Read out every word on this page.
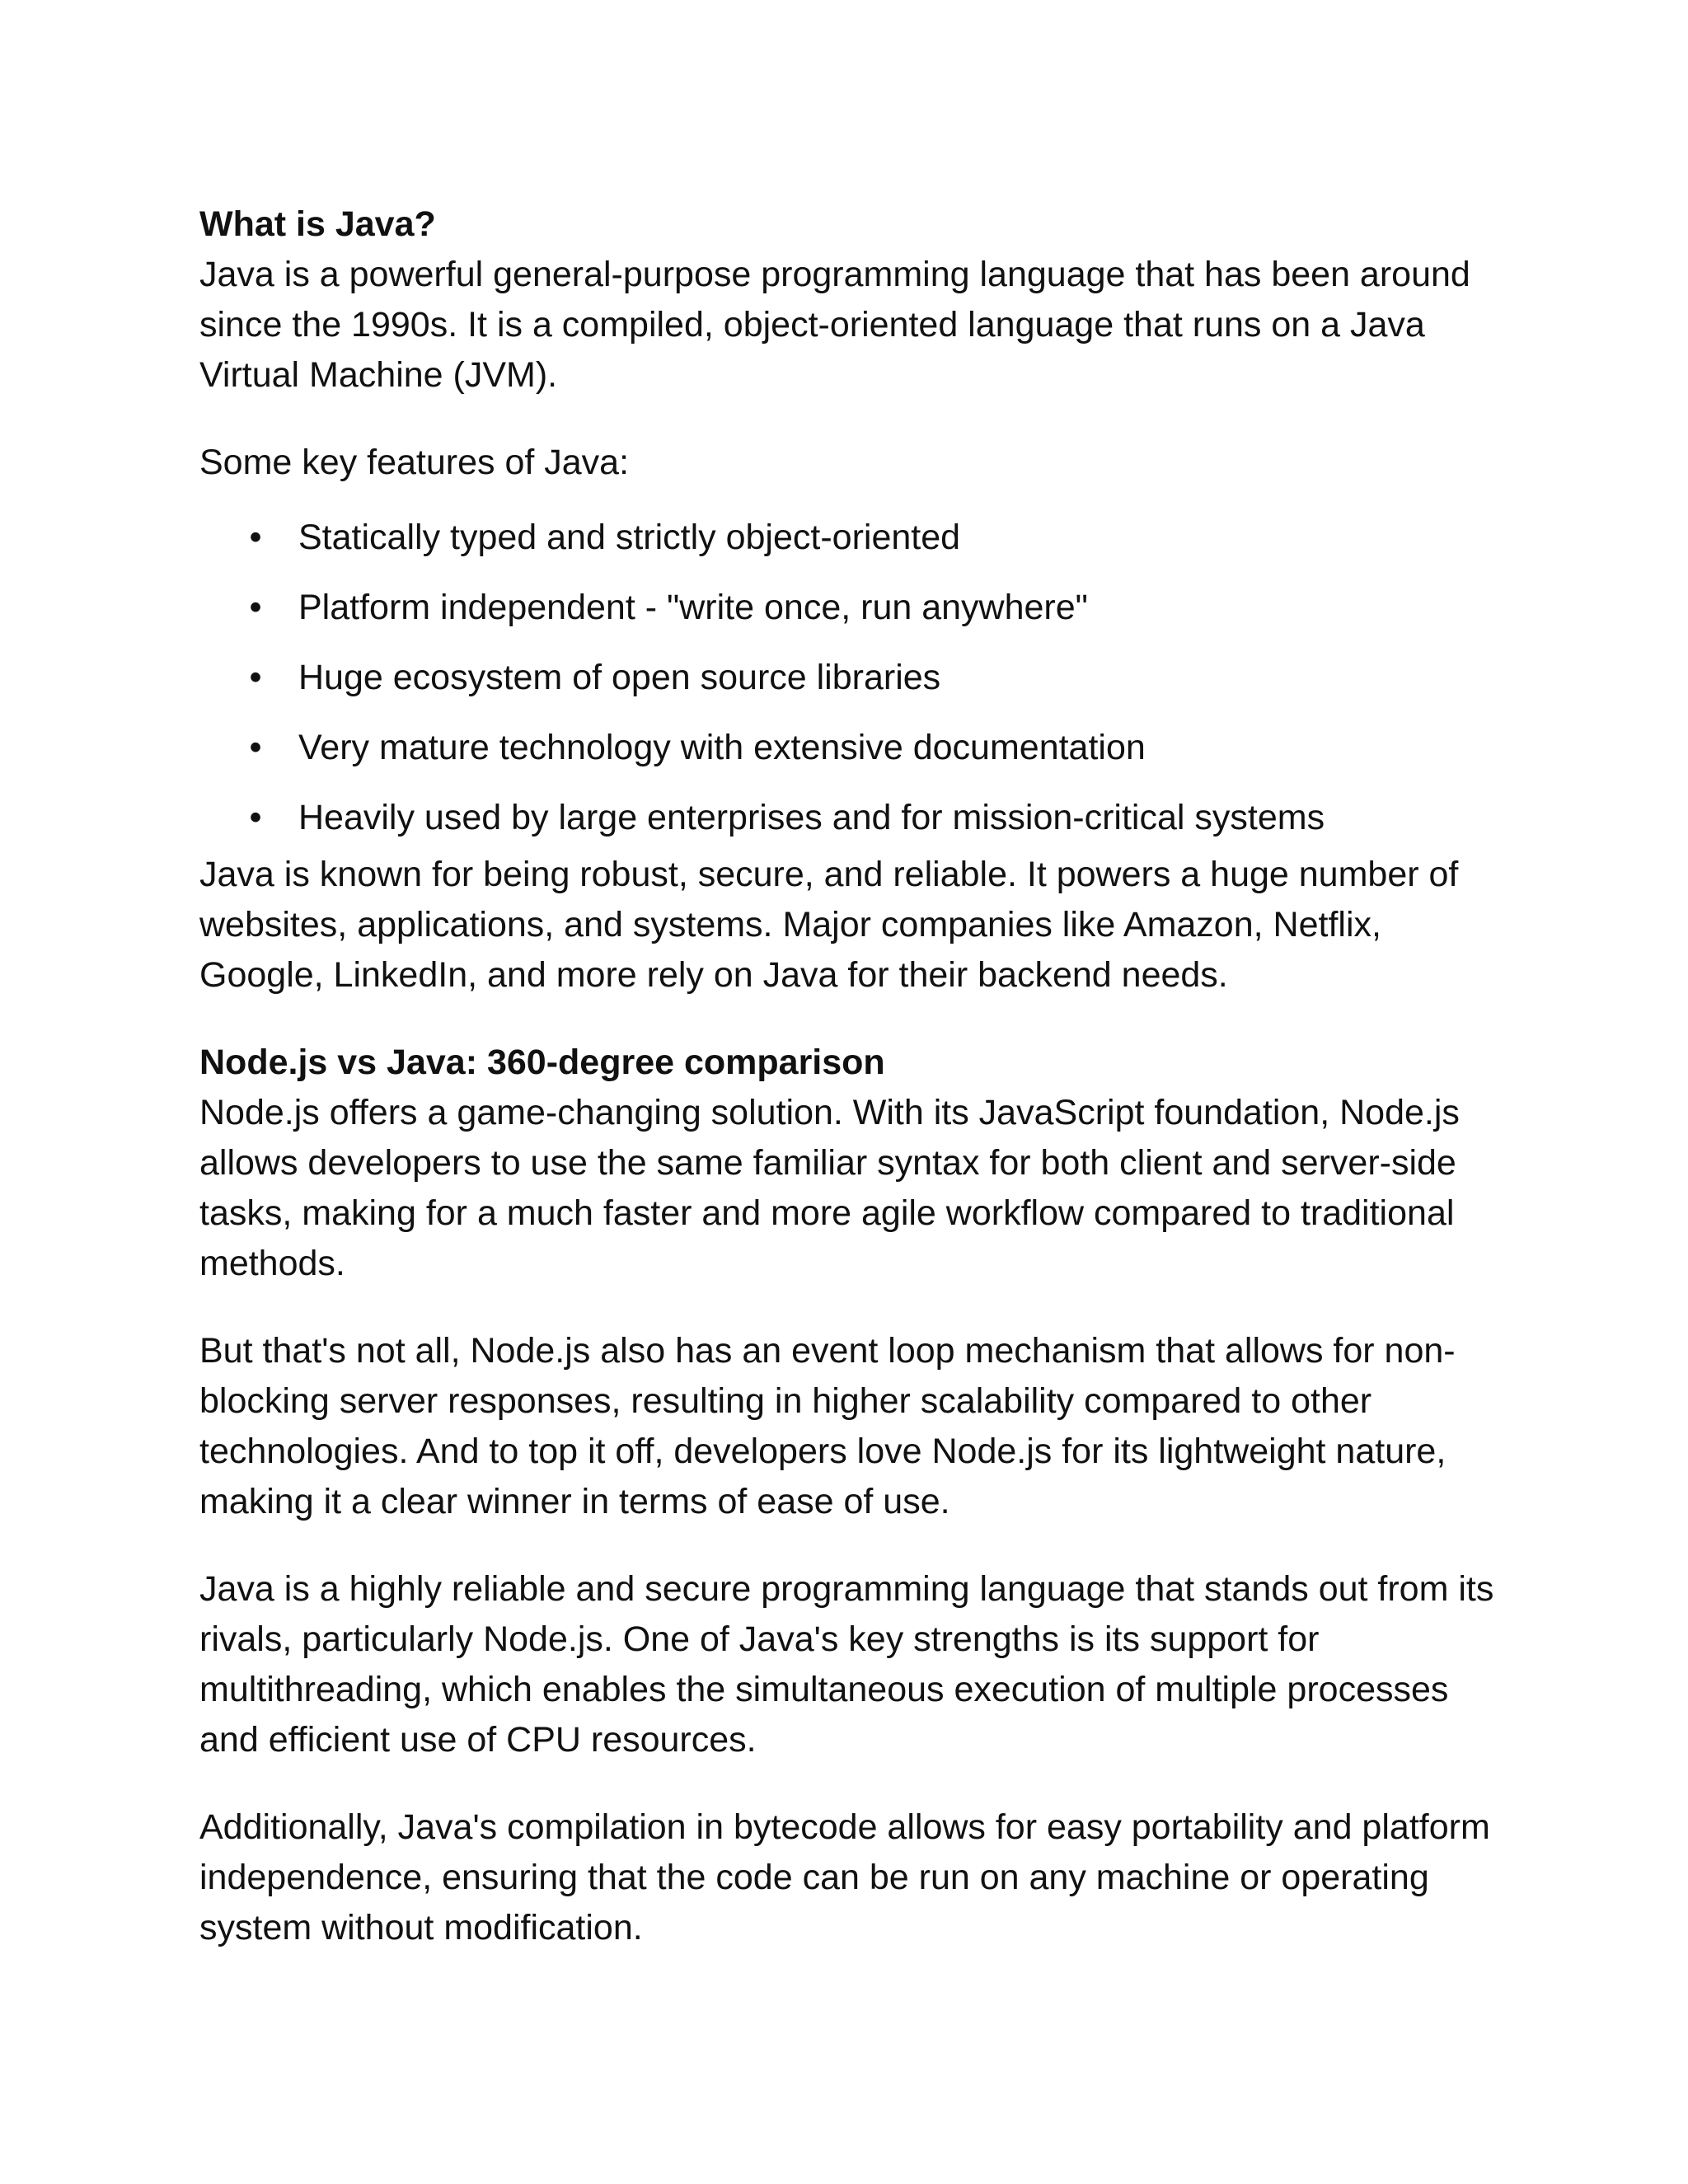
What is Java?

Java is a powerful general-purpose programming language that has been around since the 1990s. It is a compiled, object-oriented language that runs on a Java Virtual Machine (JVM).

Some key features of Java:

• Statically typed and strictly object-oriented
• Platform independent - "write once, run anywhere"
• Huge ecosystem of open source libraries
• Very mature technology with extensive documentation
• Heavily used by large enterprises and for mission-critical systems

Java is known for being robust, secure, and reliable. It powers a huge number of websites, applications, and systems. Major companies like Amazon, Netflix, Google, LinkedIn, and more rely on Java for their backend needs.

Node.js vs Java: 360-degree comparison

Node.js offers a game-changing solution. With its JavaScript foundation, Node.js allows developers to use the same familiar syntax for both client and server-side tasks, making for a much faster and more agile workflow compared to traditional methods.

But that's not all, Node.js also has an event loop mechanism that allows for non-blocking server responses, resulting in higher scalability compared to other technologies. And to top it off, developers love Node.js for its lightweight nature, making it a clear winner in terms of ease of use.

Java is a highly reliable and secure programming language that stands out from its rivals, particularly Node.js. One of Java's key strengths is its support for multithreading, which enables the simultaneous execution of multiple processes and efficient use of CPU resources.

Additionally, Java's compilation in bytecode allows for easy portability and platform independence, ensuring that the code can be run on any machine or operating system without modification.
